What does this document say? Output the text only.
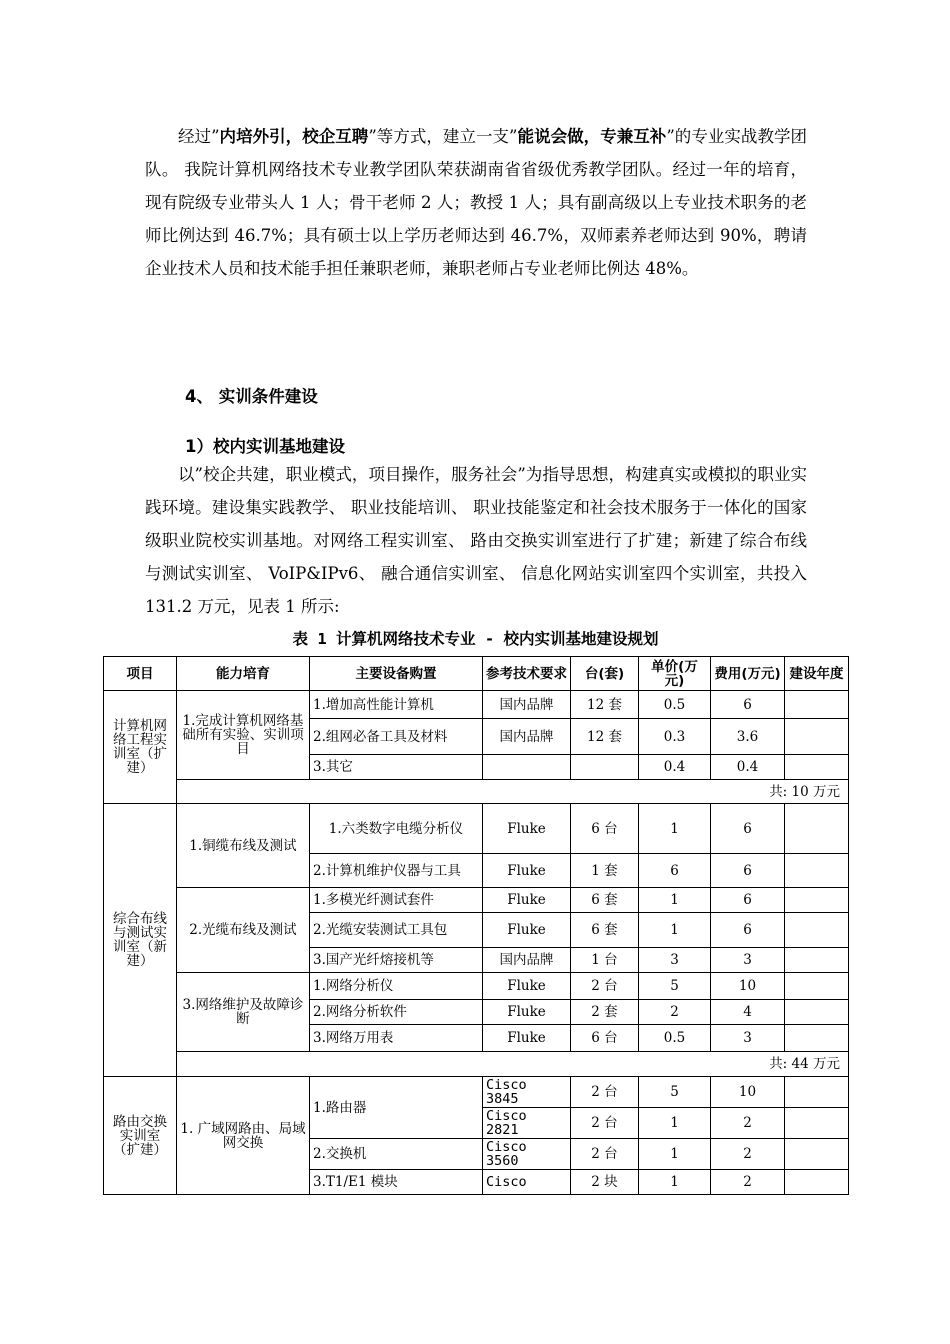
经过”内培外引，校企互聘”等方式，建立一支”能说会做，专兼互补”的专业实战教学团队。 我院计算机网络技术专业教学团队荣获湖南省省级优秀教学团队。经过一年的培育，现有院级专业带头人 1 人；骨干老师 2 人；教授 1 人；具有副高级以上专业技术职务的老师比例达到 46.7%；具有硕士以上学历老师达到 46.7%，双师素养老师达到 90%，聘请企业技术人员和技术能手担任兼职老师，兼职老师占专业老师比例达 48%。

4、 实训条件建设

1）校内实训基地建设

以”校企共建，职业模式，项目操作，服务社会”为指导思想，构建真实或模拟的职业实践环境。建设集实践教学、 职业技能培训、 职业技能鉴定和社会技术服务于一体化的国家级职业院校实训基地。对网络工程实训室、 路由交换实训室进行了扩建；新建了综合布线与测试实训室、 VoIP&IPv6、 融合通信实训室、 信息化网站实训室四个实训室，共投入 131.2 万元，见表 1 所示:

表 1 计算机网络技术专业 - 校内实训基地建设规划

项目	能力培育	主要设备购置	参考技术要求	台(套)	单价(万元)	费用(万元)	建设年度
计算机网络工程实训室（扩建）	1.完成计算机网络基础所有实验、实训项目	1.增加高性能计算机	国内品牌	12 套	0.5	6	
		2.组网必备工具及材料	国内品牌	12 套	0.3	3.6	
		3.其它			0.4	0.4	
	共: 10 万元						
综合布线与测试实训室（新建）	1.铜缆布线及测试	1.六类数字电缆分析仪	Fluke	6 台	1	6	
		2.计算机维护仪器与工具	Fluke	1 套	6	6	
	2.光缆布线及测试	1.多模光纤测试套件	Fluke	6 套	1	6	
		2.光缆安装测试工具包	Fluke	6 套	1	6	
		3.国产光纤熔接机等	国内品牌	1 台	3	3	
	3.网络维护及故障诊断	1.网络分析仪	Fluke	2 台	5	10	
		2.网络分析软件	Fluke	2 套	2	4	
		3.网络万用表	Fluke	6 台	0.5	3	
	共: 44 万元						
路由交换实训室（扩建）	1. 广域网路由、局域网交换	1.路由器	Cisco 3845	2 台	5	10	
			Cisco 2821	2 台	1	2	
		2.交换机	Cisco 3560	2 台	1	2	
		3.T1/E1 模块	Cisco	2 块	1	2	
